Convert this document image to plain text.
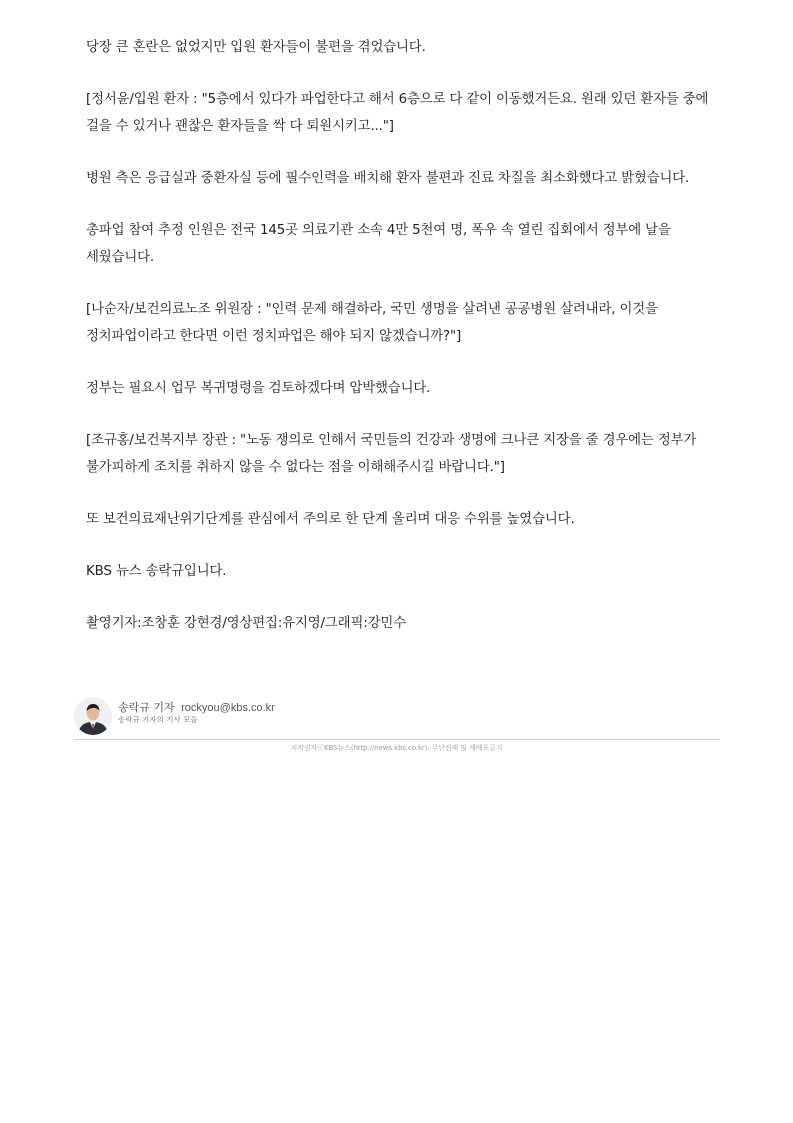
당장 큰 혼란은 없었지만 입원 환자들이 불편을 겪었습니다.

[정서윤/입원 환자 : "5층에서 있다가 파업한다고 해서 6층으로 다 같이 이동했거든요. 원래 있던 환자들 중에 걸을 수 있거나 괜찮은 환자들을 싹 다 퇴원시키고..."]

병원 측은 응급실과 중환자실 등에 필수인력을 배치해 환자 불편과 진료 차질을 최소화했다고 밝혔습니다.

총파업 참여 추정 인원은 전국 145곳 의료기관 소속 4만 5천여 명, 폭우 속 열린 집회에서 정부에 날을 세웠습니다.

[나순자/보건의료노조 위원장 : "인력 문제 해결하라, 국민 생명을 살려낸 공공병원 살려내라, 이것을 정치파업이라고 한다면 이런 정치파업은 해야 되지 않겠습니까?"]

정부는 필요시 업무 복귀명령을 검토하겠다며 압박했습니다.

[조규홍/보건복지부 장관 : "노동 쟁의로 인해서 국민들의 건강과 생명에 크나큰 지장을 줄 경우에는 정부가 불가피하게 조치를 취하지 않을 수 없다는 점을 이해해주시길 바랍니다."]

또 보건의료재난위기단계를 관심에서 주의로 한 단계 올리며 대응 수위를 높였습니다.

KBS 뉴스 송락규입니다.

촬영기자:조창훈 강현경/영상편집:유지영/그래픽:강민수

송락규 기자 rockyou@kbs.co.kr
송락규 기자의 기사 모음
저작권자ⓒKBS뉴스(http://news.kbs.co.kr). 무단전재 및 재배포금지
